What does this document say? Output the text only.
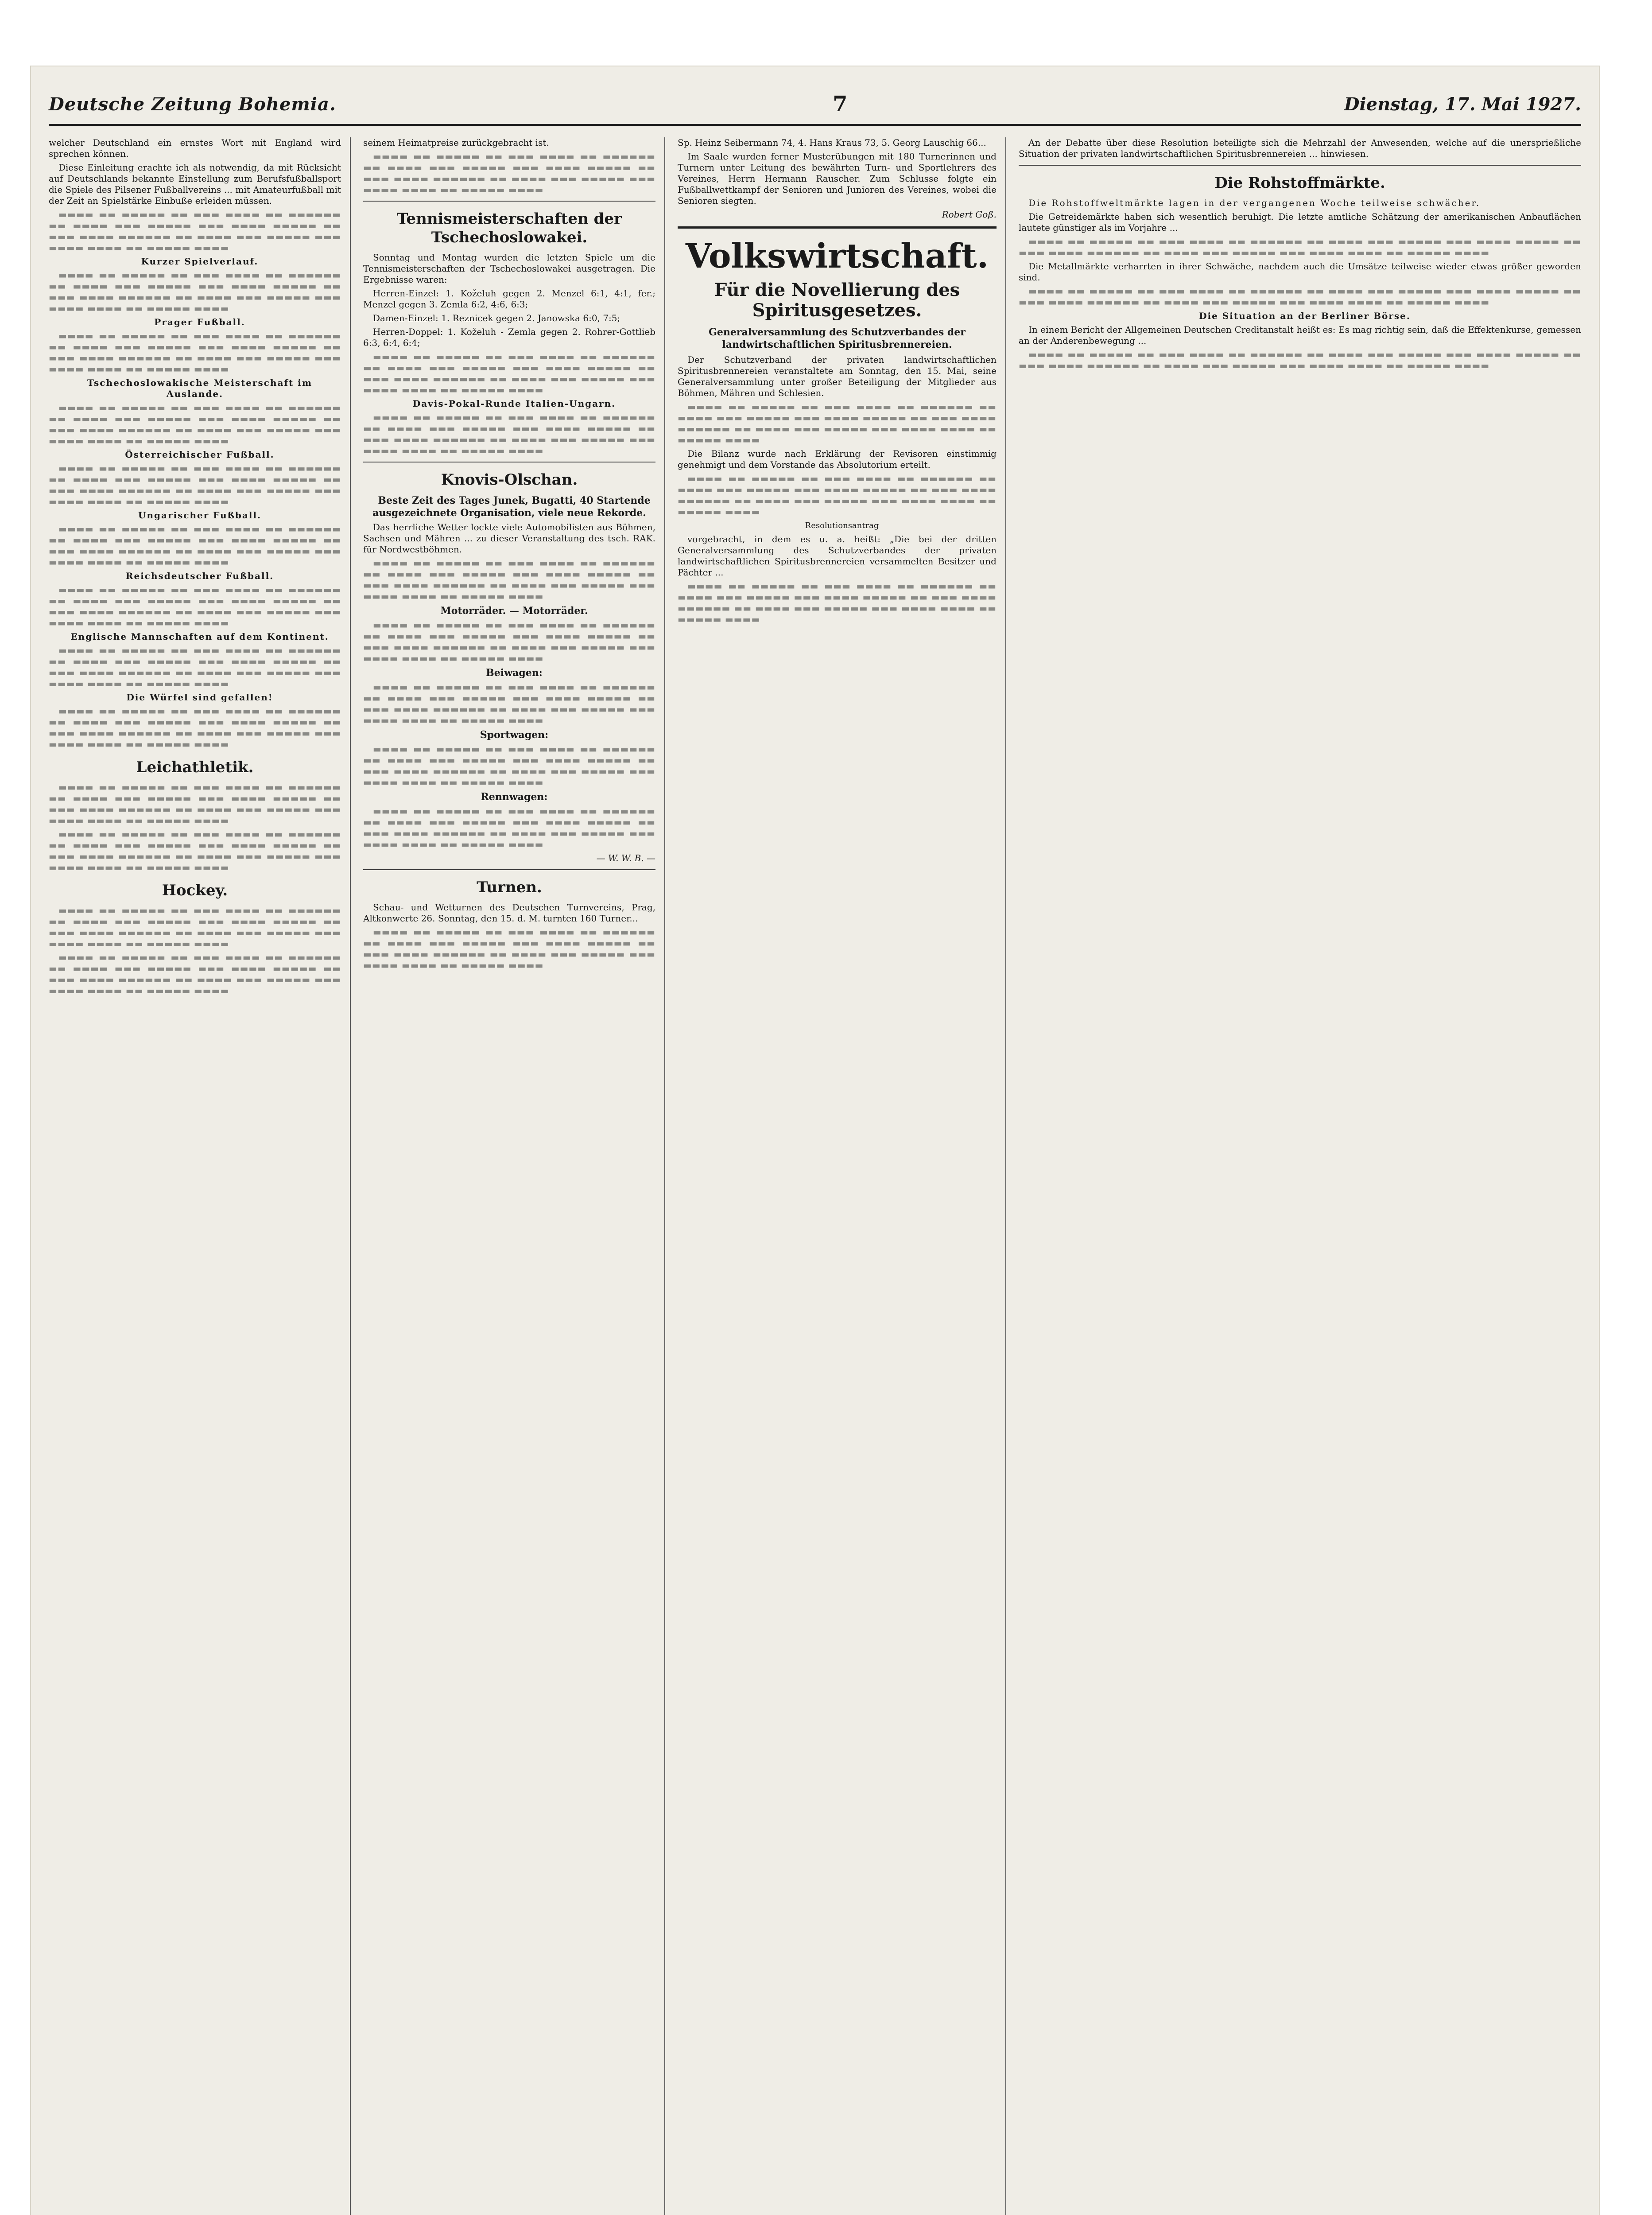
Deutsche Zeitung Bohemia.	7	Dienstag, 17. Mai 1927.

welcher Deutschland ein ernstes Wort mit England wird sprechen können.

Diese Einleitung erachte ich als notwendig, da mit Rücksicht auf Deutschlands bekannte Einstellung zum Berufsfußballsport die Spiele des Pilsener Fußballvereins ... mit Amateurfußball mit der Zeit an Spielstärke Einbuße erleiden müssen.

▬▬▬▬ ▬▬ ▬▬▬▬▬ ▬▬ ▬▬▬ ▬▬▬▬ ▬▬ ▬▬▬▬▬▬ ▬▬ ▬▬▬▬ ▬▬▬ ▬▬▬▬▬ ▬▬▬ ▬▬▬▬ ▬▬▬▬▬ ▬▬ ▬▬▬ ▬▬▬▬ ▬▬▬▬▬▬ ▬▬ ▬▬▬▬ ▬▬▬ ▬▬▬▬▬ ▬▬▬ ▬▬▬▬ ▬▬▬▬ ▬▬ ▬▬▬▬▬ ▬▬▬▬

Kurzer Spielverlauf.

▬▬▬▬ ▬▬ ▬▬▬▬▬ ▬▬ ▬▬▬ ▬▬▬▬ ▬▬ ▬▬▬▬▬▬ ▬▬ ▬▬▬▬ ▬▬▬ ▬▬▬▬▬ ▬▬▬ ▬▬▬▬ ▬▬▬▬▬ ▬▬ ▬▬▬ ▬▬▬▬ ▬▬▬▬▬▬ ▬▬ ▬▬▬▬ ▬▬▬ ▬▬▬▬▬ ▬▬▬ ▬▬▬▬ ▬▬▬▬ ▬▬ ▬▬▬▬▬ ▬▬▬▬

Prager Fußball.

▬▬▬▬ ▬▬ ▬▬▬▬▬ ▬▬ ▬▬▬ ▬▬▬▬ ▬▬ ▬▬▬▬▬▬ ▬▬ ▬▬▬▬ ▬▬▬ ▬▬▬▬▬ ▬▬▬ ▬▬▬▬ ▬▬▬▬▬ ▬▬ ▬▬▬ ▬▬▬▬ ▬▬▬▬▬▬ ▬▬ ▬▬▬▬ ▬▬▬ ▬▬▬▬▬ ▬▬▬ ▬▬▬▬ ▬▬▬▬ ▬▬ ▬▬▬▬▬ ▬▬▬▬

Tschechoslowakische Meisterschaft im Auslande.

▬▬▬▬ ▬▬ ▬▬▬▬▬ ▬▬ ▬▬▬ ▬▬▬▬ ▬▬ ▬▬▬▬▬▬ ▬▬ ▬▬▬▬ ▬▬▬ ▬▬▬▬▬ ▬▬▬ ▬▬▬▬ ▬▬▬▬▬ ▬▬ ▬▬▬ ▬▬▬▬ ▬▬▬▬▬▬ ▬▬ ▬▬▬▬ ▬▬▬ ▬▬▬▬▬ ▬▬▬ ▬▬▬▬ ▬▬▬▬ ▬▬ ▬▬▬▬▬ ▬▬▬▬

Österreichischer Fußball.

▬▬▬▬ ▬▬ ▬▬▬▬▬ ▬▬ ▬▬▬ ▬▬▬▬ ▬▬ ▬▬▬▬▬▬ ▬▬ ▬▬▬▬ ▬▬▬ ▬▬▬▬▬ ▬▬▬ ▬▬▬▬ ▬▬▬▬▬ ▬▬ ▬▬▬ ▬▬▬▬ ▬▬▬▬▬▬ ▬▬ ▬▬▬▬ ▬▬▬ ▬▬▬▬▬ ▬▬▬ ▬▬▬▬ ▬▬▬▬ ▬▬ ▬▬▬▬▬ ▬▬▬▬

Ungarischer Fußball.

▬▬▬▬ ▬▬ ▬▬▬▬▬ ▬▬ ▬▬▬ ▬▬▬▬ ▬▬ ▬▬▬▬▬▬ ▬▬ ▬▬▬▬ ▬▬▬ ▬▬▬▬▬ ▬▬▬ ▬▬▬▬ ▬▬▬▬▬ ▬▬ ▬▬▬ ▬▬▬▬ ▬▬▬▬▬▬ ▬▬ ▬▬▬▬ ▬▬▬ ▬▬▬▬▬ ▬▬▬ ▬▬▬▬ ▬▬▬▬ ▬▬ ▬▬▬▬▬ ▬▬▬▬

Reichsdeutscher Fußball.

▬▬▬▬ ▬▬ ▬▬▬▬▬ ▬▬ ▬▬▬ ▬▬▬▬ ▬▬ ▬▬▬▬▬▬ ▬▬ ▬▬▬▬ ▬▬▬ ▬▬▬▬▬ ▬▬▬ ▬▬▬▬ ▬▬▬▬▬ ▬▬ ▬▬▬ ▬▬▬▬ ▬▬▬▬▬▬ ▬▬ ▬▬▬▬ ▬▬▬ ▬▬▬▬▬ ▬▬▬ ▬▬▬▬ ▬▬▬▬ ▬▬ ▬▬▬▬▬ ▬▬▬▬

Englische Mannschaften auf dem Kontinent.

▬▬▬▬ ▬▬ ▬▬▬▬▬ ▬▬ ▬▬▬ ▬▬▬▬ ▬▬ ▬▬▬▬▬▬ ▬▬ ▬▬▬▬ ▬▬▬ ▬▬▬▬▬ ▬▬▬ ▬▬▬▬ ▬▬▬▬▬ ▬▬ ▬▬▬ ▬▬▬▬ ▬▬▬▬▬▬ ▬▬ ▬▬▬▬ ▬▬▬ ▬▬▬▬▬ ▬▬▬ ▬▬▬▬ ▬▬▬▬ ▬▬ ▬▬▬▬▬ ▬▬▬▬

Die Würfel sind gefallen!

▬▬▬▬ ▬▬ ▬▬▬▬▬ ▬▬ ▬▬▬ ▬▬▬▬ ▬▬ ▬▬▬▬▬▬ ▬▬ ▬▬▬▬ ▬▬▬ ▬▬▬▬▬ ▬▬▬ ▬▬▬▬ ▬▬▬▬▬ ▬▬ ▬▬▬ ▬▬▬▬ ▬▬▬▬▬▬ ▬▬ ▬▬▬▬ ▬▬▬ ▬▬▬▬▬ ▬▬▬ ▬▬▬▬ ▬▬▬▬ ▬▬ ▬▬▬▬▬ ▬▬▬▬

Leichathletik.

▬▬▬▬ ▬▬ ▬▬▬▬▬ ▬▬ ▬▬▬ ▬▬▬▬ ▬▬ ▬▬▬▬▬▬ ▬▬ ▬▬▬▬ ▬▬▬ ▬▬▬▬▬ ▬▬▬ ▬▬▬▬ ▬▬▬▬▬ ▬▬ ▬▬▬ ▬▬▬▬ ▬▬▬▬▬▬ ▬▬ ▬▬▬▬ ▬▬▬ ▬▬▬▬▬ ▬▬▬ ▬▬▬▬ ▬▬▬▬ ▬▬ ▬▬▬▬▬ ▬▬▬▬

▬▬▬▬ ▬▬ ▬▬▬▬▬ ▬▬ ▬▬▬ ▬▬▬▬ ▬▬ ▬▬▬▬▬▬ ▬▬ ▬▬▬▬ ▬▬▬ ▬▬▬▬▬ ▬▬▬ ▬▬▬▬ ▬▬▬▬▬ ▬▬ ▬▬▬ ▬▬▬▬ ▬▬▬▬▬▬ ▬▬ ▬▬▬▬ ▬▬▬ ▬▬▬▬▬ ▬▬▬ ▬▬▬▬ ▬▬▬▬ ▬▬ ▬▬▬▬▬ ▬▬▬▬

Hockey.

▬▬▬▬ ▬▬ ▬▬▬▬▬ ▬▬ ▬▬▬ ▬▬▬▬ ▬▬ ▬▬▬▬▬▬ ▬▬ ▬▬▬▬ ▬▬▬ ▬▬▬▬▬ ▬▬▬ ▬▬▬▬ ▬▬▬▬▬ ▬▬ ▬▬▬ ▬▬▬▬ ▬▬▬▬▬▬ ▬▬ ▬▬▬▬ ▬▬▬ ▬▬▬▬▬ ▬▬▬ ▬▬▬▬ ▬▬▬▬ ▬▬ ▬▬▬▬▬ ▬▬▬▬

▬▬▬▬ ▬▬ ▬▬▬▬▬ ▬▬ ▬▬▬ ▬▬▬▬ ▬▬ ▬▬▬▬▬▬ ▬▬ ▬▬▬▬ ▬▬▬ ▬▬▬▬▬ ▬▬▬ ▬▬▬▬ ▬▬▬▬▬ ▬▬ ▬▬▬ ▬▬▬▬ ▬▬▬▬▬▬ ▬▬ ▬▬▬▬ ▬▬▬ ▬▬▬▬▬ ▬▬▬ ▬▬▬▬ ▬▬▬▬ ▬▬ ▬▬▬▬▬ ▬▬▬▬

seinem Heimatpreise zurückgebracht ist.

▬▬▬▬ ▬▬ ▬▬▬▬▬ ▬▬ ▬▬▬ ▬▬▬▬ ▬▬ ▬▬▬▬▬▬ ▬▬ ▬▬▬▬ ▬▬▬ ▬▬▬▬▬ ▬▬▬ ▬▬▬▬ ▬▬▬▬▬ ▬▬ ▬▬▬ ▬▬▬▬ ▬▬▬▬▬▬ ▬▬ ▬▬▬▬ ▬▬▬ ▬▬▬▬▬ ▬▬▬ ▬▬▬▬ ▬▬▬▬ ▬▬ ▬▬▬▬▬ ▬▬▬▬

Tennismeisterschaften der Tschechoslowakei.

Sonntag und Montag wurden die letzten Spiele um die Tennismeisterschaften der Tschechoslowakei ausgetragen. Die Ergebnisse waren:

Herren-Einzel: 1. Koželuh gegen 2. Menzel 6:1, 4:1, fer.; Menzel gegen 3. Zemla 6:2, 4:6, 6:3;

Damen-Einzel: 1. Reznicek gegen 2. Janowska 6:0, 7:5;

Herren-Doppel: 1. Koželuh - Zemla gegen 2. Rohrer-Gottlieb 6:3, 6:4, 6:4;

▬▬▬▬ ▬▬ ▬▬▬▬▬ ▬▬ ▬▬▬ ▬▬▬▬ ▬▬ ▬▬▬▬▬▬ ▬▬ ▬▬▬▬ ▬▬▬ ▬▬▬▬▬ ▬▬▬ ▬▬▬▬ ▬▬▬▬▬ ▬▬ ▬▬▬ ▬▬▬▬ ▬▬▬▬▬▬ ▬▬ ▬▬▬▬ ▬▬▬ ▬▬▬▬▬ ▬▬▬ ▬▬▬▬ ▬▬▬▬ ▬▬ ▬▬▬▬▬ ▬▬▬▬

Davis-Pokal-Runde Italien-Ungarn.

▬▬▬▬ ▬▬ ▬▬▬▬▬ ▬▬ ▬▬▬ ▬▬▬▬ ▬▬ ▬▬▬▬▬▬ ▬▬ ▬▬▬▬ ▬▬▬ ▬▬▬▬▬ ▬▬▬ ▬▬▬▬ ▬▬▬▬▬ ▬▬ ▬▬▬ ▬▬▬▬ ▬▬▬▬▬▬ ▬▬ ▬▬▬▬ ▬▬▬ ▬▬▬▬▬ ▬▬▬ ▬▬▬▬ ▬▬▬▬ ▬▬ ▬▬▬▬▬ ▬▬▬▬

Knovis-Olschan.

Beste Zeit des Tages Junek, Bugatti, 40 Startende ausgezeichnete Organisation, viele neue Rekorde.

Das herrliche Wetter lockte viele Automobilisten aus Böhmen, Sachsen und Mähren ... zu dieser Veranstaltung des tsch. RAK. für Nordwestböhmen.

▬▬▬▬ ▬▬ ▬▬▬▬▬ ▬▬ ▬▬▬ ▬▬▬▬ ▬▬ ▬▬▬▬▬▬ ▬▬ ▬▬▬▬ ▬▬▬ ▬▬▬▬▬ ▬▬▬ ▬▬▬▬ ▬▬▬▬▬ ▬▬ ▬▬▬ ▬▬▬▬ ▬▬▬▬▬▬ ▬▬ ▬▬▬▬ ▬▬▬ ▬▬▬▬▬ ▬▬▬ ▬▬▬▬ ▬▬▬▬ ▬▬ ▬▬▬▬▬ ▬▬▬▬

Motorräder. — Motorräder.

▬▬▬▬ ▬▬ ▬▬▬▬▬ ▬▬ ▬▬▬ ▬▬▬▬ ▬▬ ▬▬▬▬▬▬ ▬▬ ▬▬▬▬ ▬▬▬ ▬▬▬▬▬ ▬▬▬ ▬▬▬▬ ▬▬▬▬▬ ▬▬ ▬▬▬ ▬▬▬▬ ▬▬▬▬▬▬ ▬▬ ▬▬▬▬ ▬▬▬ ▬▬▬▬▬ ▬▬▬ ▬▬▬▬ ▬▬▬▬ ▬▬ ▬▬▬▬▬ ▬▬▬▬

Beiwagen:

▬▬▬▬ ▬▬ ▬▬▬▬▬ ▬▬ ▬▬▬ ▬▬▬▬ ▬▬ ▬▬▬▬▬▬ ▬▬ ▬▬▬▬ ▬▬▬ ▬▬▬▬▬ ▬▬▬ ▬▬▬▬ ▬▬▬▬▬ ▬▬ ▬▬▬ ▬▬▬▬ ▬▬▬▬▬▬ ▬▬ ▬▬▬▬ ▬▬▬ ▬▬▬▬▬ ▬▬▬ ▬▬▬▬ ▬▬▬▬ ▬▬ ▬▬▬▬▬ ▬▬▬▬

Sportwagen:

▬▬▬▬ ▬▬ ▬▬▬▬▬ ▬▬ ▬▬▬ ▬▬▬▬ ▬▬ ▬▬▬▬▬▬ ▬▬ ▬▬▬▬ ▬▬▬ ▬▬▬▬▬ ▬▬▬ ▬▬▬▬ ▬▬▬▬▬ ▬▬ ▬▬▬ ▬▬▬▬ ▬▬▬▬▬▬ ▬▬ ▬▬▬▬ ▬▬▬ ▬▬▬▬▬ ▬▬▬ ▬▬▬▬ ▬▬▬▬ ▬▬ ▬▬▬▬▬ ▬▬▬▬

Rennwagen:

▬▬▬▬ ▬▬ ▬▬▬▬▬ ▬▬ ▬▬▬ ▬▬▬▬ ▬▬ ▬▬▬▬▬▬ ▬▬ ▬▬▬▬ ▬▬▬ ▬▬▬▬▬ ▬▬▬ ▬▬▬▬ ▬▬▬▬▬ ▬▬ ▬▬▬ ▬▬▬▬ ▬▬▬▬▬▬ ▬▬ ▬▬▬▬ ▬▬▬ ▬▬▬▬▬ ▬▬▬ ▬▬▬▬ ▬▬▬▬ ▬▬ ▬▬▬▬▬ ▬▬▬▬

— W. W. B. —

Turnen.

Schau- und Wetturnen des Deutschen Turnvereins, Prag, Altkonwerte 26. Sonntag, den 15. d. M. turnten 160 Turner...

▬▬▬▬ ▬▬ ▬▬▬▬▬ ▬▬ ▬▬▬ ▬▬▬▬ ▬▬ ▬▬▬▬▬▬ ▬▬ ▬▬▬▬ ▬▬▬ ▬▬▬▬▬ ▬▬▬ ▬▬▬▬ ▬▬▬▬▬ ▬▬ ▬▬▬ ▬▬▬▬ ▬▬▬▬▬▬ ▬▬ ▬▬▬▬ ▬▬▬ ▬▬▬▬▬ ▬▬▬ ▬▬▬▬ ▬▬▬▬ ▬▬ ▬▬▬▬▬ ▬▬▬▬

Sp. Heinz Seibermann 74, 4. Hans Kraus 73, 5. Georg Lauschig 66...

Im Saale wurden ferner Musterübungen mit 180 Turnerinnen und Turnern unter Leitung des bewährten Turn- und Sportlehrers des Vereines, Herrn Hermann Rauscher. Zum Schlusse folgte ein Fußballwettkampf der Senioren und Junioren des Vereines, wobei die Senioren siegten.

Robert Goß.

Volkswirtschaft.
Für die Novellierung des Spiritusgesetzes.
Generalversammlung des Schutzverbandes der landwirtschaftlichen Spiritusbrennereien.

Der Schutzverband der privaten landwirtschaftlichen Spiritusbrennereien veranstaltete am Sonntag, den 15. Mai, seine Generalversammlung unter großer Beteiligung der Mitglieder aus Böhmen, Mähren und Schlesien.

▬▬▬▬ ▬▬ ▬▬▬▬▬ ▬▬ ▬▬▬ ▬▬▬▬ ▬▬ ▬▬▬▬▬▬ ▬▬ ▬▬▬▬ ▬▬▬ ▬▬▬▬▬ ▬▬▬ ▬▬▬▬ ▬▬▬▬▬ ▬▬ ▬▬▬ ▬▬▬▬ ▬▬▬▬▬▬ ▬▬ ▬▬▬▬ ▬▬▬ ▬▬▬▬▬ ▬▬▬ ▬▬▬▬ ▬▬▬▬ ▬▬ ▬▬▬▬▬ ▬▬▬▬

Die Bilanz wurde nach Erklärung der Revisoren einstimmig genehmigt und dem Vorstande das Absolutorium erteilt.

▬▬▬▬ ▬▬ ▬▬▬▬▬ ▬▬ ▬▬▬ ▬▬▬▬ ▬▬ ▬▬▬▬▬▬ ▬▬ ▬▬▬▬ ▬▬▬ ▬▬▬▬▬ ▬▬▬ ▬▬▬▬ ▬▬▬▬▬ ▬▬ ▬▬▬ ▬▬▬▬ ▬▬▬▬▬▬ ▬▬ ▬▬▬▬ ▬▬▬ ▬▬▬▬▬ ▬▬▬ ▬▬▬▬ ▬▬▬▬ ▬▬ ▬▬▬▬▬ ▬▬▬▬

Resolutionsantrag

vorgebracht, in dem es u. a. heißt: „Die bei der dritten Generalversammlung des Schutzverbandes der privaten landwirtschaftlichen Spiritusbrennereien versammelten Besitzer und Pächter ...

▬▬▬▬ ▬▬ ▬▬▬▬▬ ▬▬ ▬▬▬ ▬▬▬▬ ▬▬ ▬▬▬▬▬▬ ▬▬ ▬▬▬▬ ▬▬▬ ▬▬▬▬▬ ▬▬▬ ▬▬▬▬ ▬▬▬▬▬ ▬▬ ▬▬▬ ▬▬▬▬ ▬▬▬▬▬▬ ▬▬ ▬▬▬▬ ▬▬▬ ▬▬▬▬▬ ▬▬▬ ▬▬▬▬ ▬▬▬▬ ▬▬ ▬▬▬▬▬ ▬▬▬▬

An der Debatte über diese Resolution beteiligte sich die Mehrzahl der Anwesenden, welche auf die unersprießliche Situation der privaten landwirtschaftlichen Spiritusbrennereien ... hinwiesen.

Die Rohstoffmärkte.

Die Rohstoffweltmärkte lagen in der vergangenen Woche teilweise schwächer.

Die Getreidemärkte haben sich wesentlich beruhigt. Die letzte amtliche Schätzung der amerikanischen Anbauflächen lautete günstiger als im Vorjahre ...

▬▬▬▬ ▬▬ ▬▬▬▬▬ ▬▬ ▬▬▬ ▬▬▬▬ ▬▬ ▬▬▬▬▬▬ ▬▬ ▬▬▬▬ ▬▬▬ ▬▬▬▬▬ ▬▬▬ ▬▬▬▬ ▬▬▬▬▬ ▬▬ ▬▬▬ ▬▬▬▬ ▬▬▬▬▬▬ ▬▬ ▬▬▬▬ ▬▬▬ ▬▬▬▬▬ ▬▬▬ ▬▬▬▬ ▬▬▬▬ ▬▬ ▬▬▬▬▬ ▬▬▬▬

Die Metallmärkte verharrten in ihrer Schwäche, nachdem auch die Umsätze teilweise wieder etwas größer geworden sind.

▬▬▬▬ ▬▬ ▬▬▬▬▬ ▬▬ ▬▬▬ ▬▬▬▬ ▬▬ ▬▬▬▬▬▬ ▬▬ ▬▬▬▬ ▬▬▬ ▬▬▬▬▬ ▬▬▬ ▬▬▬▬ ▬▬▬▬▬ ▬▬ ▬▬▬ ▬▬▬▬ ▬▬▬▬▬▬ ▬▬ ▬▬▬▬ ▬▬▬ ▬▬▬▬▬ ▬▬▬ ▬▬▬▬ ▬▬▬▬ ▬▬ ▬▬▬▬▬ ▬▬▬▬

Die Situation an der Berliner Börse.

In einem Bericht der Allgemeinen Deutschen Creditanstalt heißt es: Es mag richtig sein, daß die Effektenkurse, gemessen an der Anderenbewegung ...

▬▬▬▬ ▬▬ ▬▬▬▬▬ ▬▬ ▬▬▬ ▬▬▬▬ ▬▬ ▬▬▬▬▬▬ ▬▬ ▬▬▬▬ ▬▬▬ ▬▬▬▬▬ ▬▬▬ ▬▬▬▬ ▬▬▬▬▬ ▬▬ ▬▬▬ ▬▬▬▬ ▬▬▬▬▬▬ ▬▬ ▬▬▬▬ ▬▬▬ ▬▬▬▬▬ ▬▬▬ ▬▬▬▬ ▬▬▬▬ ▬▬ ▬▬▬▬▬ ▬▬▬▬
